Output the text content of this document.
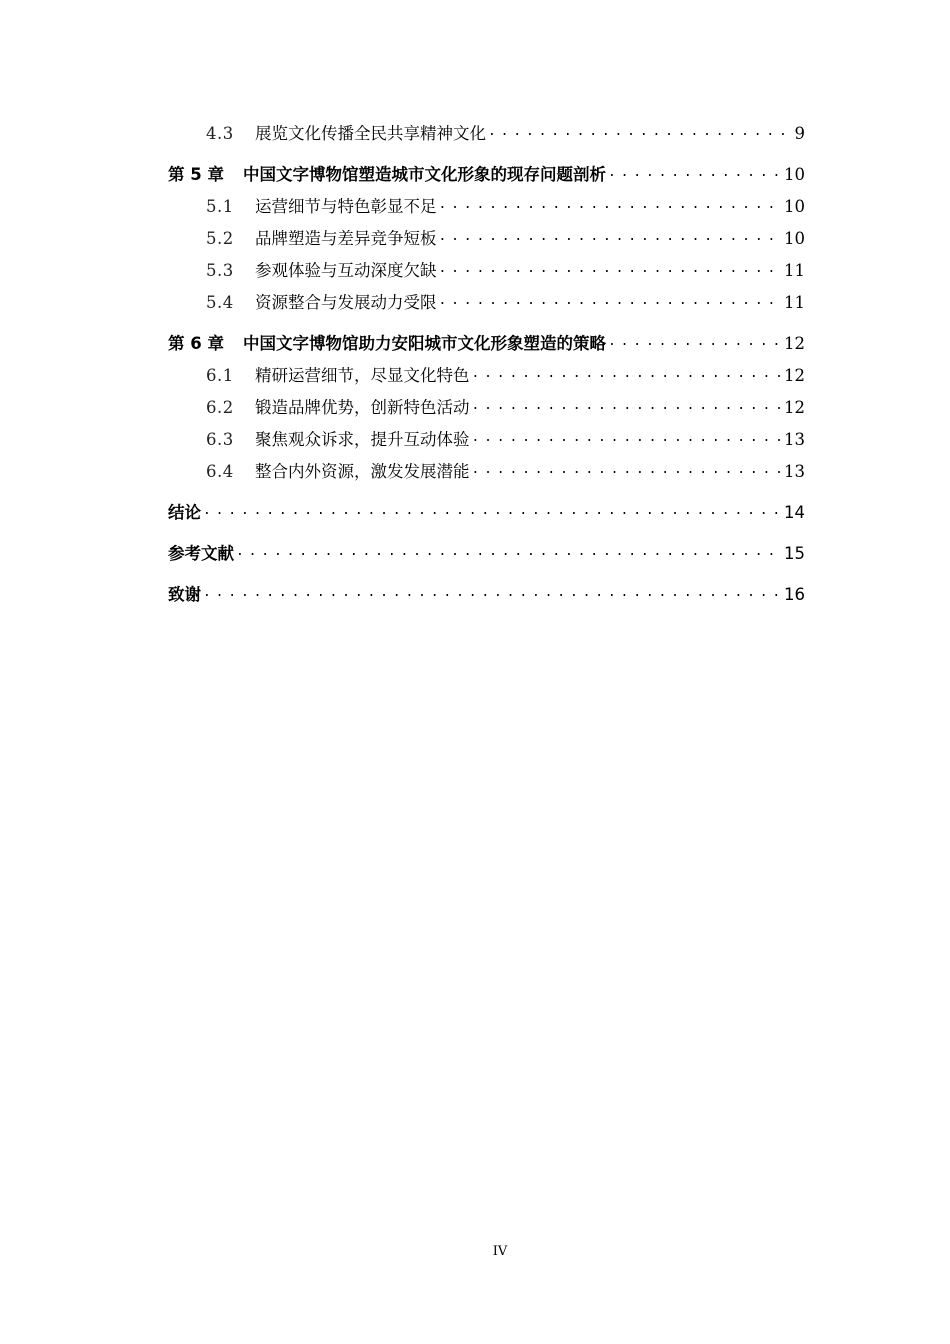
4.3	展览文化传播全民共享精神文化 . . .	9
第 5 章	中国文字博物馆塑造城市文化形象的现存问题剖析 . . .	10
5.1	运营细节与特色彰显不足 . . .	10
5.2	品牌塑造与差异竞争短板 . . .	10
5.3	参观体验与互动深度欠缺 . . .	11
5.4	资源整合与发展动力受限 . . .	11
第 6 章	中国文字博物馆助力安阳城市文化形象塑造的策略 . . .	12
6.1	精研运营细节，尽显文化特色 . . .	12
6.2	锻造品牌优势，创新特色活动 . . .	12
6.3	聚焦观众诉求，提升互动体验 . . .	13
6.4	整合内外资源，激发发展潜能 . . .	13
结论 . . .	14
参考文献 . . .	15
致谢 . . .	16
IV
